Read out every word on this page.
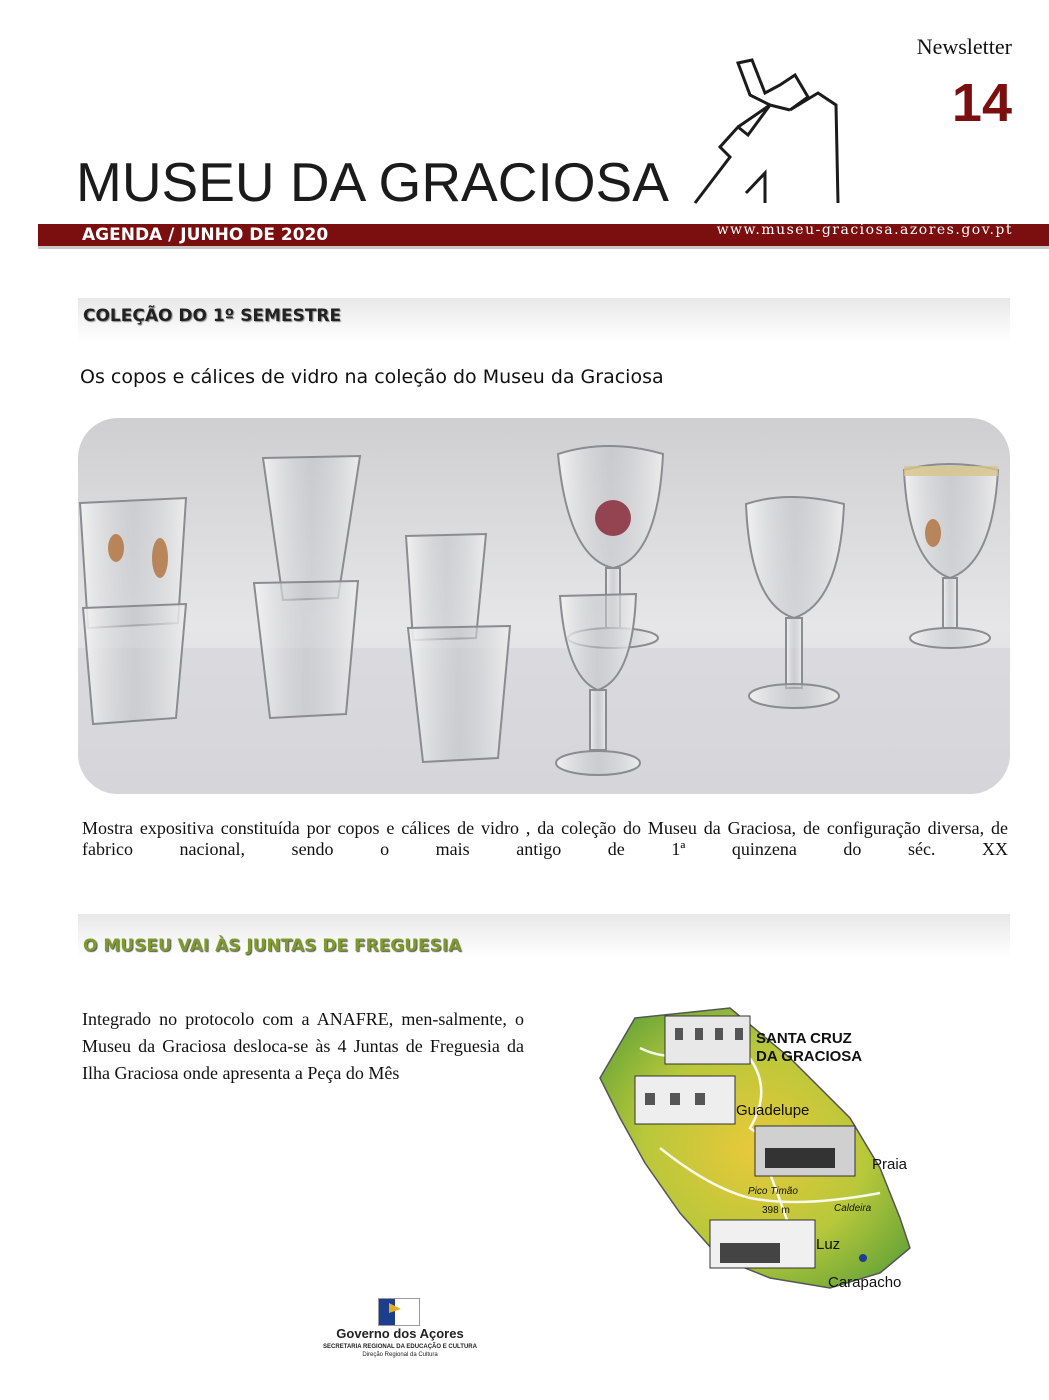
Newsletter
14
MUSEU DA GRACIOSA
AGENDA / JUNHO DE 2020	www.museu-graciosa.azores.gov.pt
COLEÇÃO DO 1º SEMESTRE
Os copos e cálices de vidro na coleção do Museu da Graciosa
Mostra expositiva constituída por copos e cálices de vidro , da coleção do Museu da Graciosa, de configuração diversa, de fabrico nacional, sendo o mais antigo de 1ª quinzena do séc. XX
O MUSEU VAI ÀS JUNTAS DE FREGUESIA
Integrado no protocolo com a ANAFRE, men-salmente, o Museu da Graciosa desloca-se às 4 Juntas de Freguesia da Ilha Graciosa onde apresenta a Peça do Mês
SANTA CRUZ
DA GRACIOSA
Guadelupe
Praia
Pico Timão
398 m	Caldeira
Luz
Carapacho
Governo dos Açores
SECRETARIA REGIONAL DA EDUCAÇÃO E CULTURA
Direção Regional da Cultura
